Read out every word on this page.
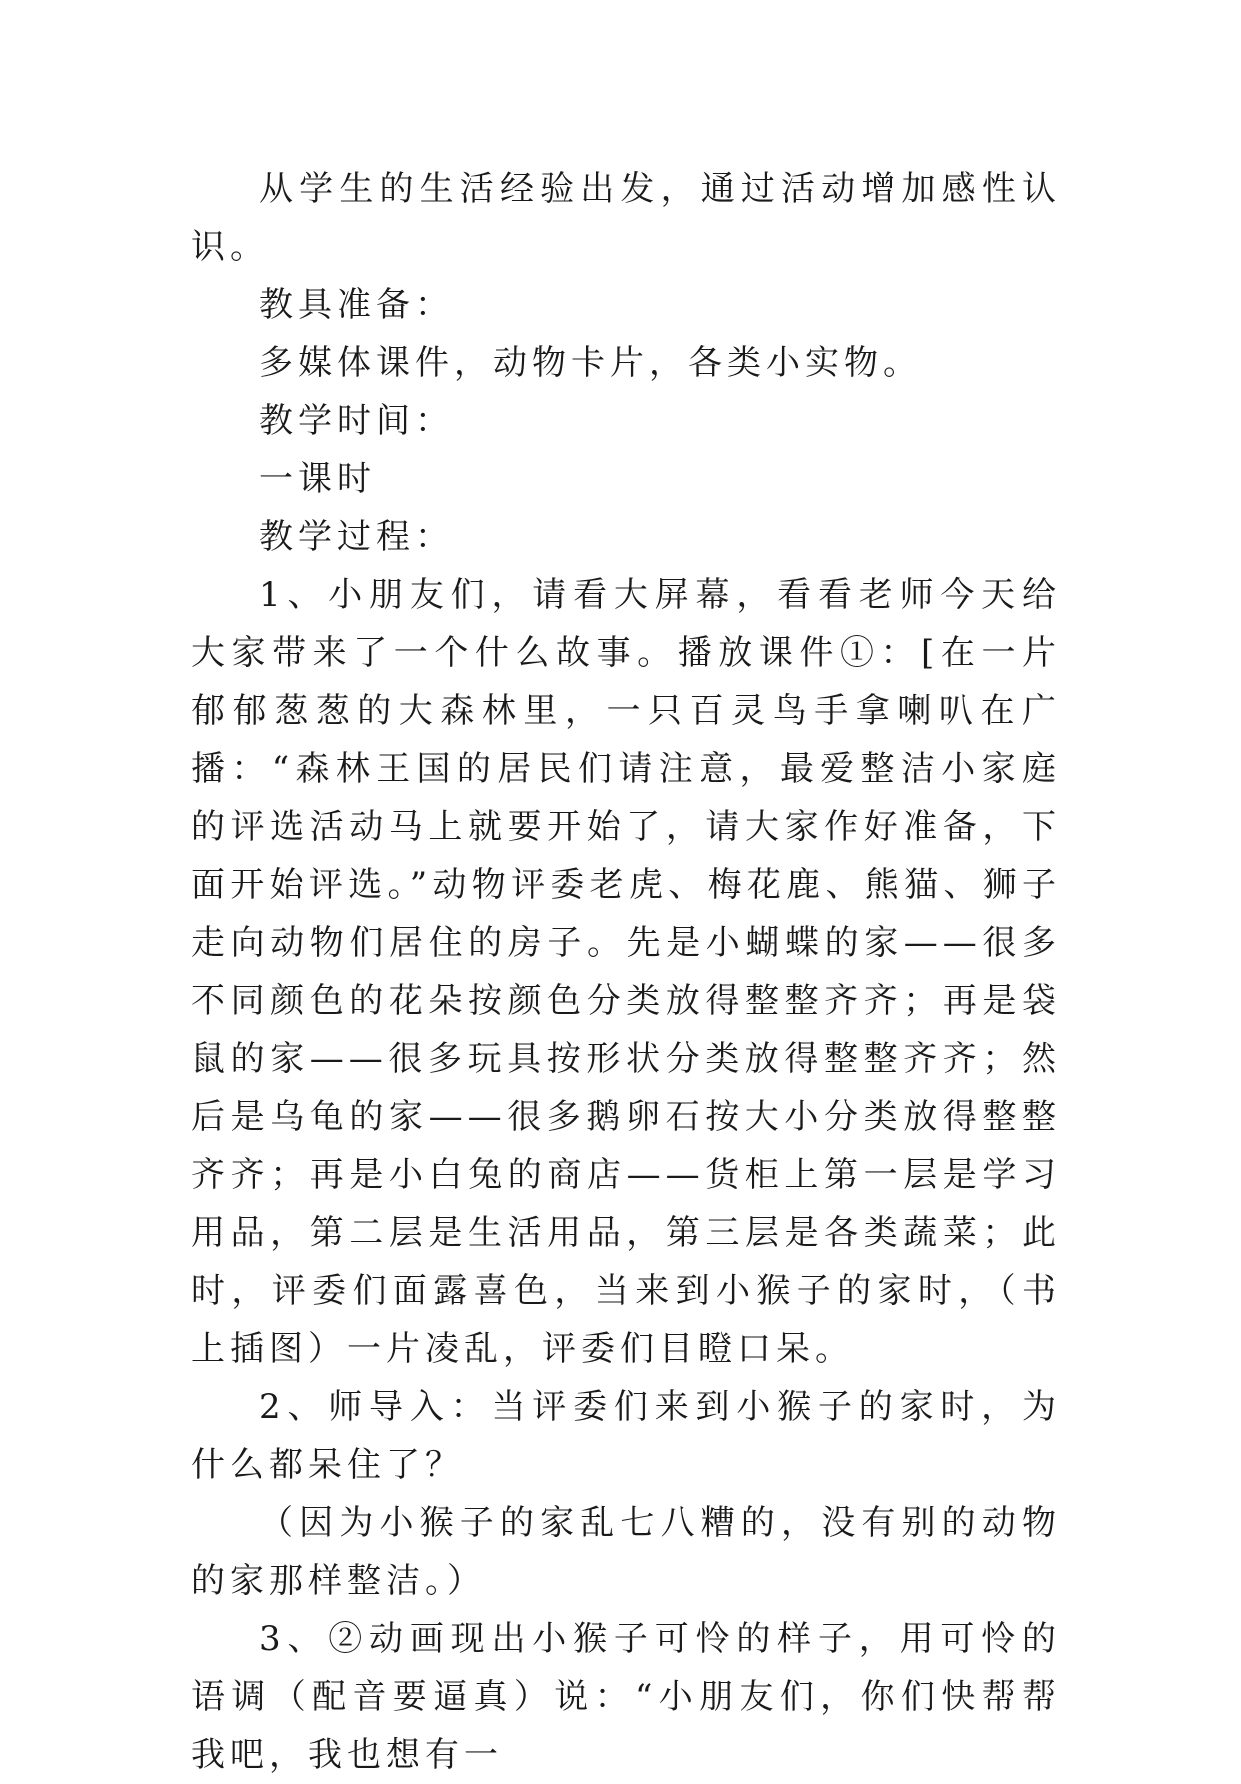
从学生的生活经验出发，通过活动增加感性认识。

教具准备：

多媒体课件，动物卡片，各类小实物。

教学时间：

一课时

教学过程：

1、小朋友们，请看大屏幕，看看老师今天给大家带来了一个什么故事。播放课件①：[在一片郁郁葱葱的大森林里，一只百灵鸟手拿喇叭在广播：“森林王国的居民们请注意，最爱整洁小家庭的评选活动马上就要开始了，请大家作好准备，下面开始评选。”动物评委老虎、梅花鹿、熊猫、狮子走向动物们居住的房子。先是小蝴蝶的家——很多不同颜色的花朵按颜色分类放得整整齐齐；再是袋鼠的家——很多玩具按形状分类放得整整齐齐；然后是乌龟的家——很多鹅卵石按大小分类放得整整齐齐；再是小白兔的商店——货柜上第一层是学习用品，第二层是生活用品，第三层是各类蔬菜；此时，评委们面露喜色，当来到小猴子的家时，（书上插图）一片凌乱，评委们目瞪口呆。

2、师导入：当评委们来到小猴子的家时，为什么都呆住了？

（因为小猴子的家乱七八糟的，没有别的动物的家那样整洁。）

3、②动画现出小猴子可怜的样子，用可怜的语调（配音要逼真）说：“小朋友们，你们快帮帮我吧，我也想有一
